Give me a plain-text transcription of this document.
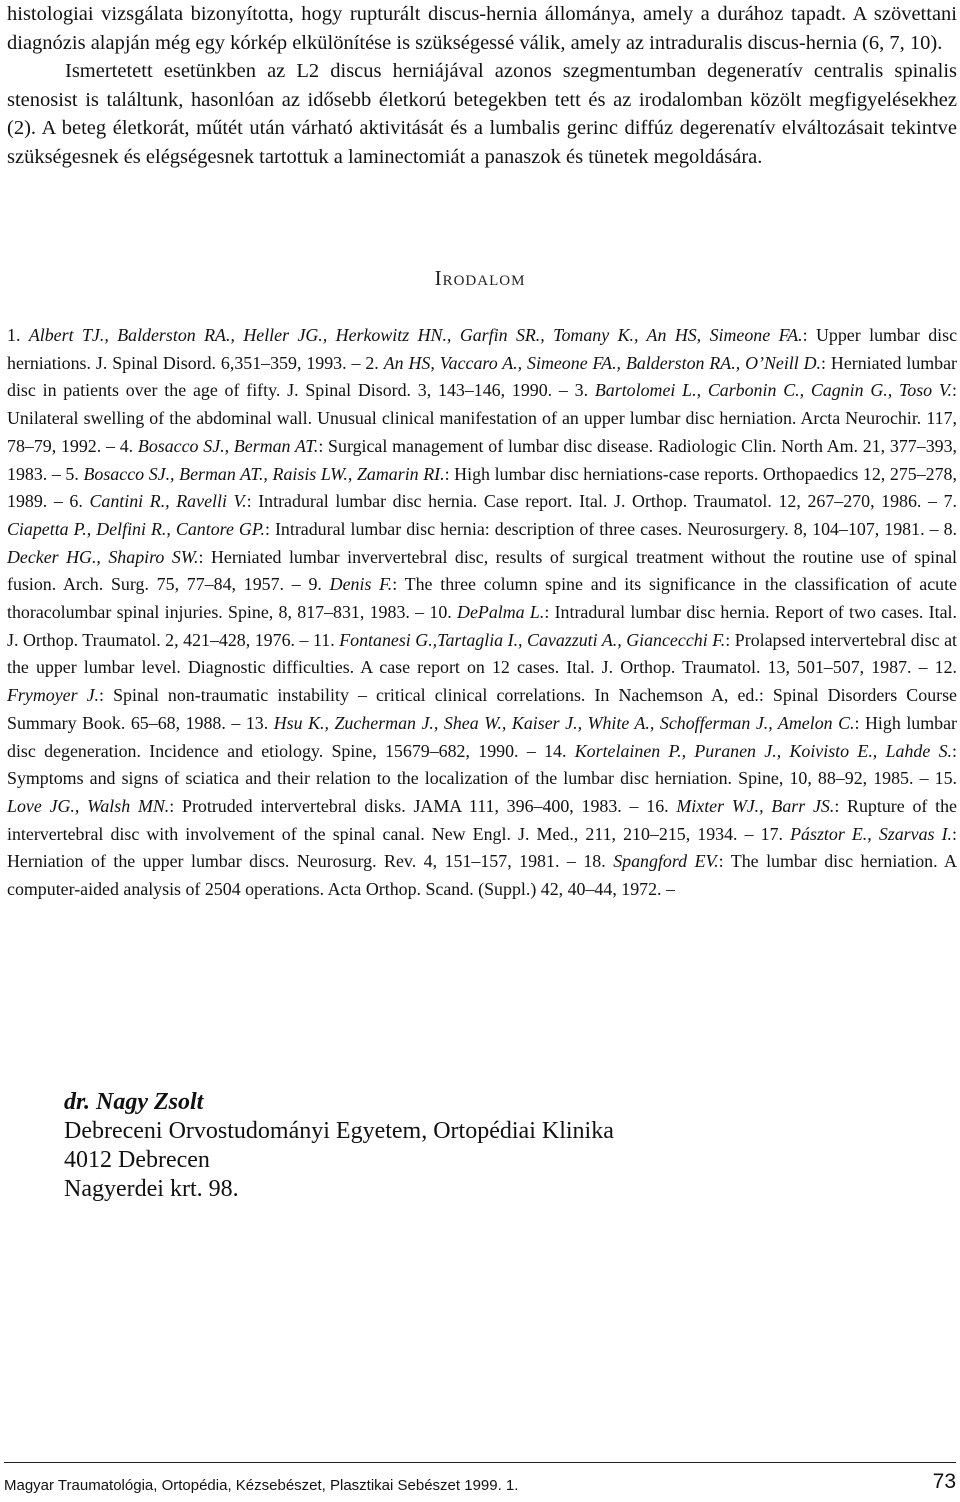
histologiai vizsgálata bizonyította, hogy rupturált discus-hernia állománya, amely a durához tapadt. A szövettani diagnózis alapján még egy kórkép elkülönítése is szükségessé válik, amely az intraduralis discus-hernia (6, 7, 10).

Ismertetett esetünkben az L2 discus herniájával azonos szegmentumban degeneratív centralis spinalis stenosist is találtunk, hasonlóan az idősebb életkorú betegekben tett és az irodalomban közölt megfigyelésekhez (2). A beteg életkorát, műtét után várható aktivitását és a lumbalis gerinc diffúz degerenatív elváltozásait tekintve szükségesnek és elégségesnek tartottuk a laminectomiát a panaszok és tünetek megoldására.

Irodalom
1. Albert TJ., Balderston RA., Heller JG., Herkowitz HN., Garfin SR., Tomany K., An HS, Simeone FA.: Upper lumbar disc herniations. J. Spinal Disord. 6,351–359, 1993. – 2. An HS, Vaccaro A., Simeone FA., Balderston RA., O’Neill D.: Herniated lumbar disc in patients over the age of fifty. J. Spinal Disord. 3, 143–146, 1990. – 3. Bartolomei L., Carbonin C., Cagnin G., Toso V.: Unilateral swelling of the abdominal wall. Unusual clinical manifestation of an upper lumbar disc herniation. Arcta Neurochir. 117, 78–79, 1992. – 4. Bosacco SJ., Berman AT.: Surgical management of lumbar disc disease. Radiologic Clin. North Am. 21, 377–393, 1983. – 5. Bosacco SJ., Berman AT., Raisis LW., Zamarin RI.: High lumbar disc herniations-case reports. Orthopaedics 12, 275–278, 1989. – 6. Cantini R., Ravelli V.: Intradural lumbar disc hernia. Case report. Ital. J. Orthop. Traumatol. 12, 267–270, 1986. – 7. Ciapetta P., Delfini R., Cantore GP.: Intradural lumbar disc hernia: description of three cases. Neurosurgery. 8, 104–107, 1981. – 8. Decker HG., Shapiro SW.: Herniated lumbar inververtebral disc, results of surgical treatment without the routine use of spinal fusion. Arch. Surg. 75, 77–84, 1957. – 9. Denis F.: The three column spine and its significance in the classification of acute thoracolumbar spinal injuries. Spine, 8, 817–831, 1983. – 10. DePalma L.: Intradural lumbar disc hernia. Report of two cases. Ital. J. Orthop. Traumatol. 2, 421–428, 1976. – 11. Fontanesi G.,Tartaglia I., Cavazzuti A., Giancecchi F.: Prolapsed intervertebral disc at the upper lumbar level. Diagnostic difficulties. A case report on 12 cases. Ital. J. Orthop. Traumatol. 13, 501–507, 1987. – 12. Frymoyer J.: Spinal non-traumatic instability – critical clinical correlations. In Nachemson A, ed.: Spinal Disorders Course Summary Book. 65–68, 1988. – 13. Hsu K., Zucherman J., Shea W., Kaiser J., White A., Schofferman J., Amelon C.: High lumbar disc degeneration. Incidence and etiology. Spine, 15679–682, 1990. – 14. Kortelainen P., Puranen J., Koivisto E., Lahde S.: Symptoms and signs of sciatica and their relation to the localization of the lumbar disc herniation. Spine, 10, 88–92, 1985. – 15. Love JG., Walsh MN.: Protruded intervertebral disks. JAMA 111, 396–400, 1983. – 16. Mixter WJ., Barr JS.: Rupture of the intervertebral disc with involvement of the spinal canal. New Engl. J. Med., 211, 210–215, 1934. – 17. Pásztor E., Szarvas I.: Herniation of the upper lumbar discs. Neurosurg. Rev. 4, 151–157, 1981. – 18. Spangford EV.: The lumbar disc herniation. A computer-aided analysis of 2504 operations. Acta Orthop. Scand. (Suppl.) 42, 40–44, 1972. –
dr. Nagy Zsolt
Debreceni Orvostudományi Egyetem, Ortopédiai Klinika
4012 Debrecen
Nagyerdei krt. 98.
Magyar Traumatológia, Ortopédia, Kézsebészet, Plasztikai Sebészet 1999. 1.	73
